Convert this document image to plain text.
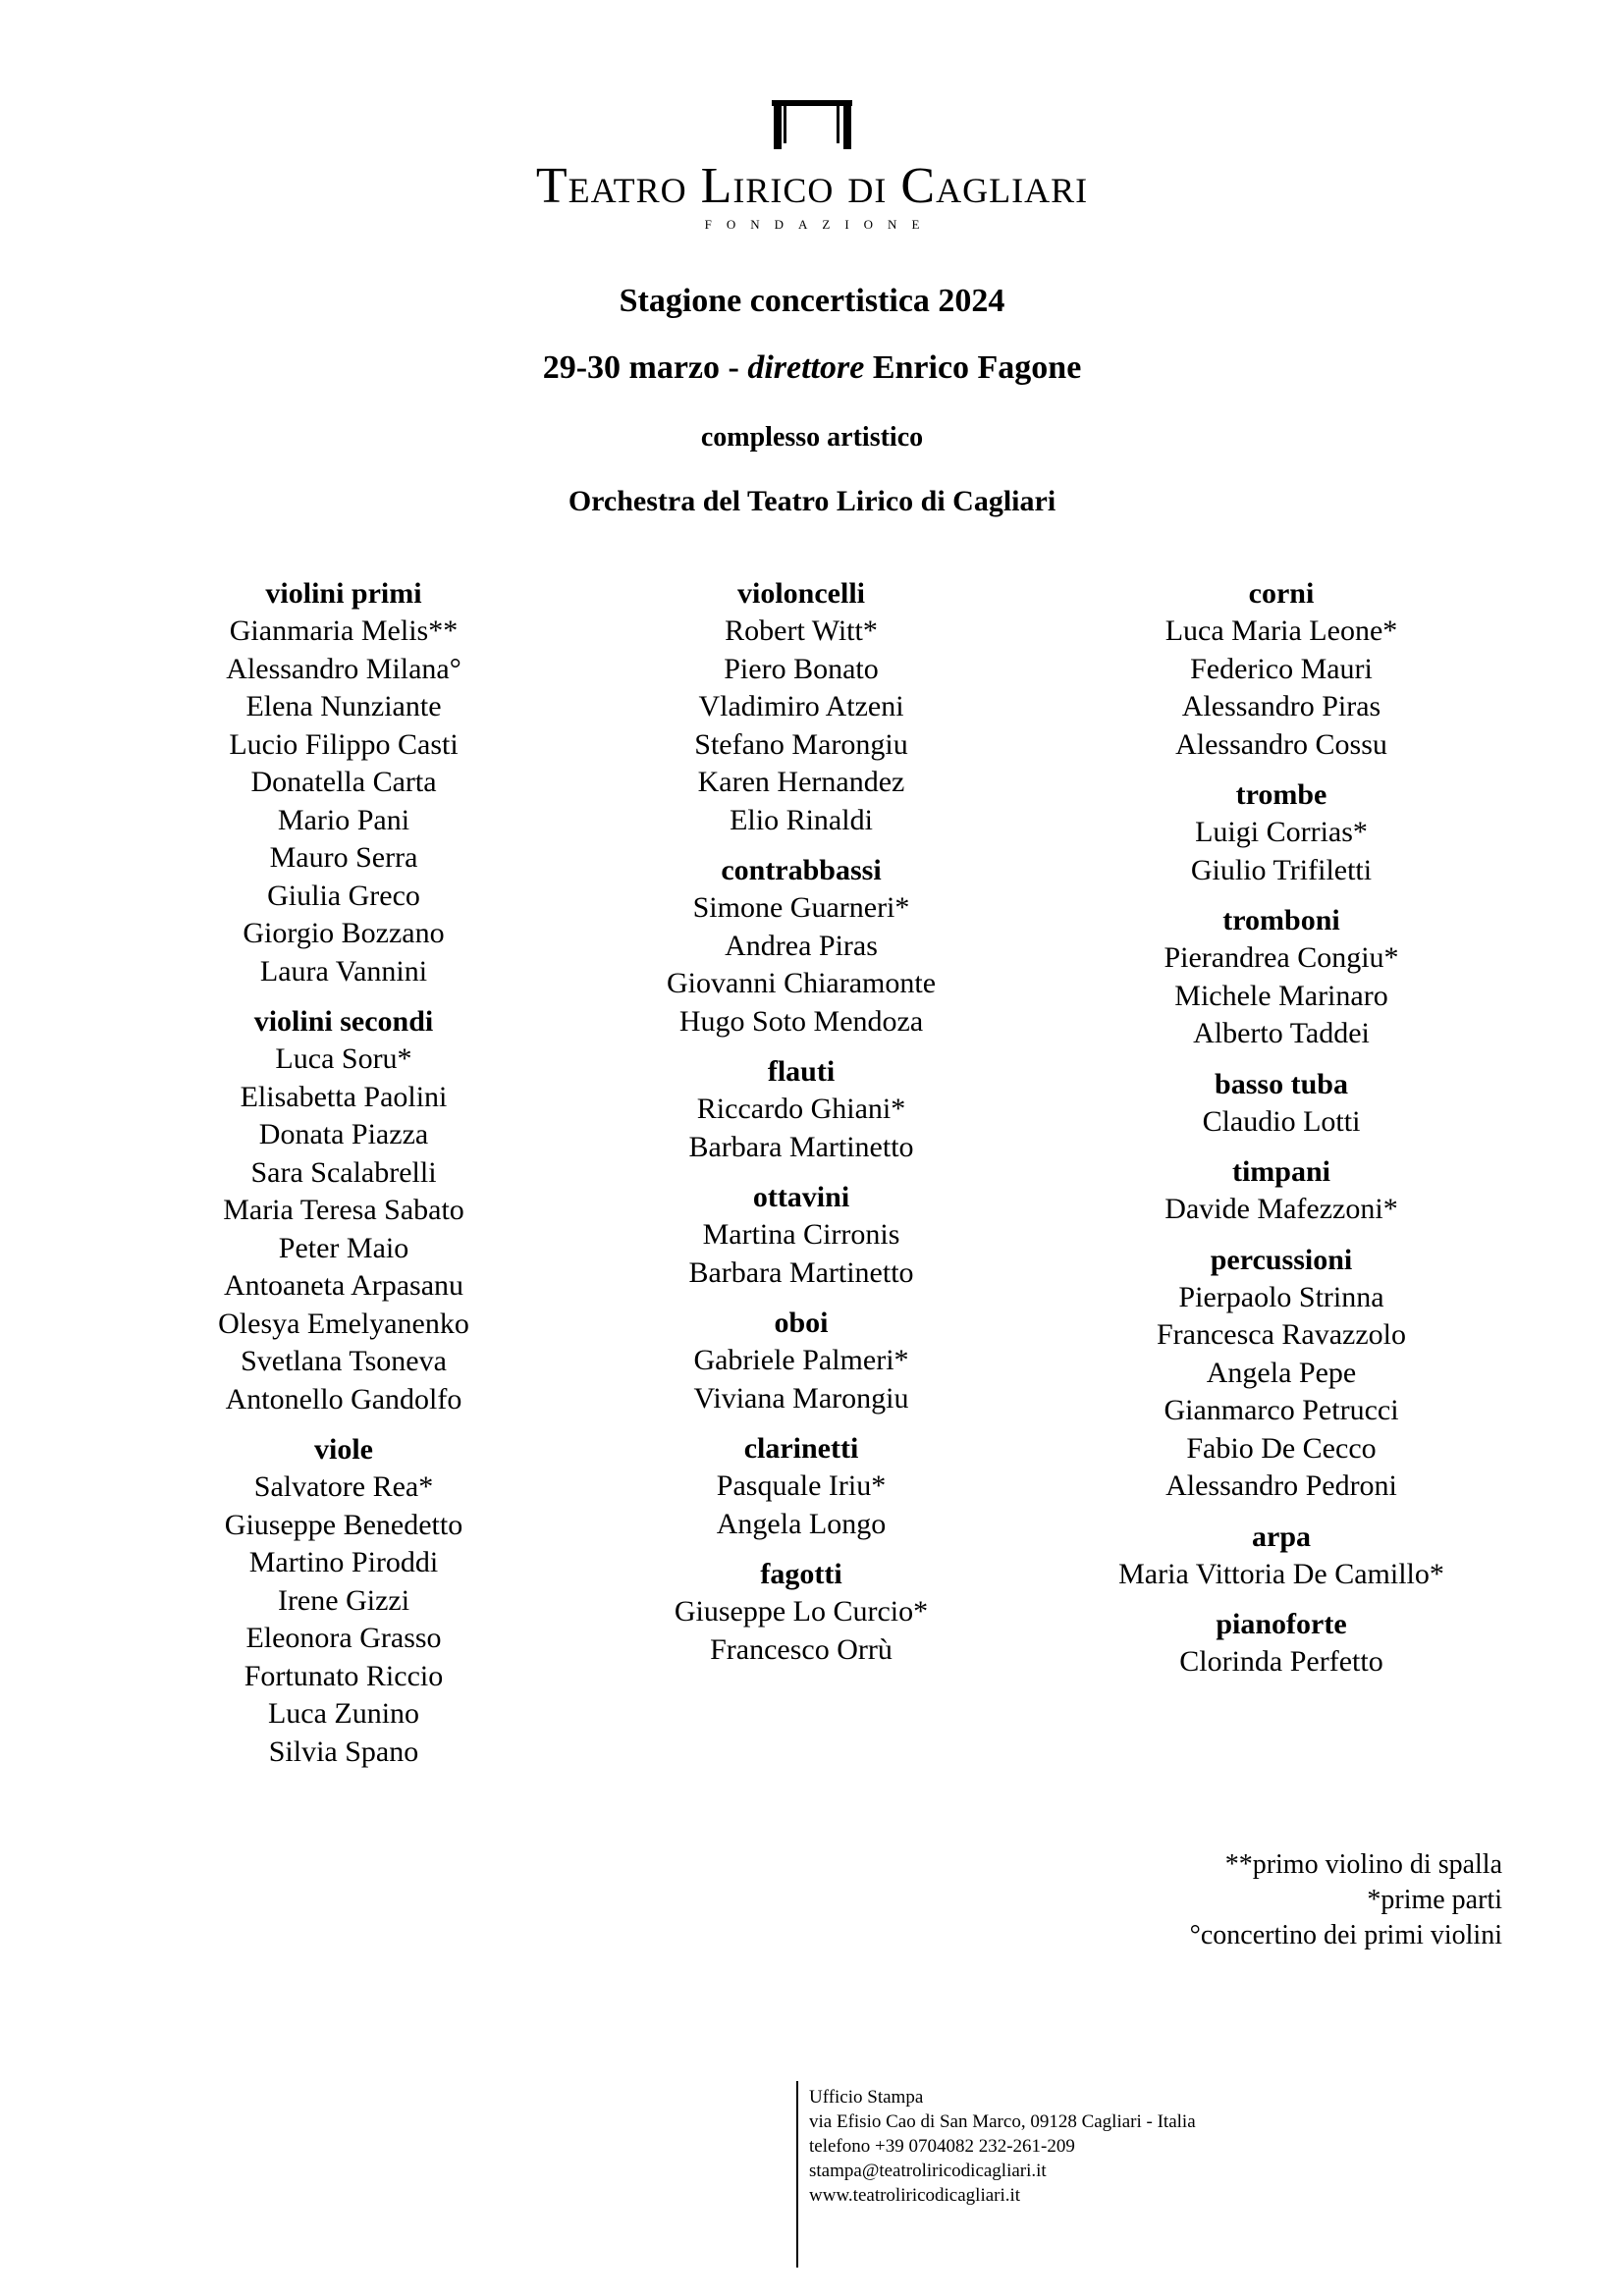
Teatro Lirico di Cagliari
FONDAZIONE
Stagione concertistica 2024
29-30 marzo - direttore Enrico Fagone
complesso artistico
Orchestra del Teatro Lirico di Cagliari
violini primi
Gianmaria Melis**
Alessandro Milana°
Elena Nunziante
Lucio Filippo Casti
Donatella Carta
Mario Pani
Mauro Serra
Giulia Greco
Giorgio Bozzano
Laura Vannini
violini secondi
Luca Soru*
Elisabetta Paolini
Donata Piazza
Sara Scalabrelli
Maria Teresa Sabato
Peter Maio
Antoaneta Arpasanu
Olesya Emelyanenko
Svetlana Tsoneva
Antonello Gandolfo
viole
Salvatore Rea*
Giuseppe Benedetto
Martino Piroddi
Irene Gizzi
Eleonora Grasso
Fortunato Riccio
Luca Zunino
Silvia Spano
violoncelli
Robert Witt*
Piero Bonato
Vladimiro Atzeni
Stefano Marongiu
Karen Hernandez
Elio Rinaldi
contrabbassi
Simone Guarneri*
Andrea Piras
Giovanni Chiaramonte
Hugo Soto Mendoza
flauti
Riccardo Ghiani*
Barbara Martinetto
ottavini
Martina Cirronis
Barbara Martinetto
oboi
Gabriele Palmeri*
Viviana Marongiu
clarinetti
Pasquale Iriu*
Angela Longo
fagotti
Giuseppe Lo Curcio*
Francesco Orrù
corni
Luca Maria Leone*
Federico Mauri
Alessandro Piras
Alessandro Cossu
trombe
Luigi Corrias*
Giulio Trifiletti
tromboni
Pierandrea Congiu*
Michele Marinaro
Alberto Taddei
basso tuba
Claudio Lotti
timpani
Davide Mafezzoni*
percussioni
Pierpaolo Strinna
Francesca Ravazzolo
Angela Pepe
Gianmarco Petrucci
Fabio De Cecco
Alessandro Pedroni
arpa
Maria Vittoria De Camillo*
pianoforte
Clorinda Perfetto
**primo violino di spalla
*prime parti
°concertino dei primi violini
Ufficio Stampa
via Efisio Cao di San Marco, 09128 Cagliari - Italia
telefono +39 0704082 232-261-209
stampa@teatroliricodicagliari.it
www.teatroliricodicagliari.it
